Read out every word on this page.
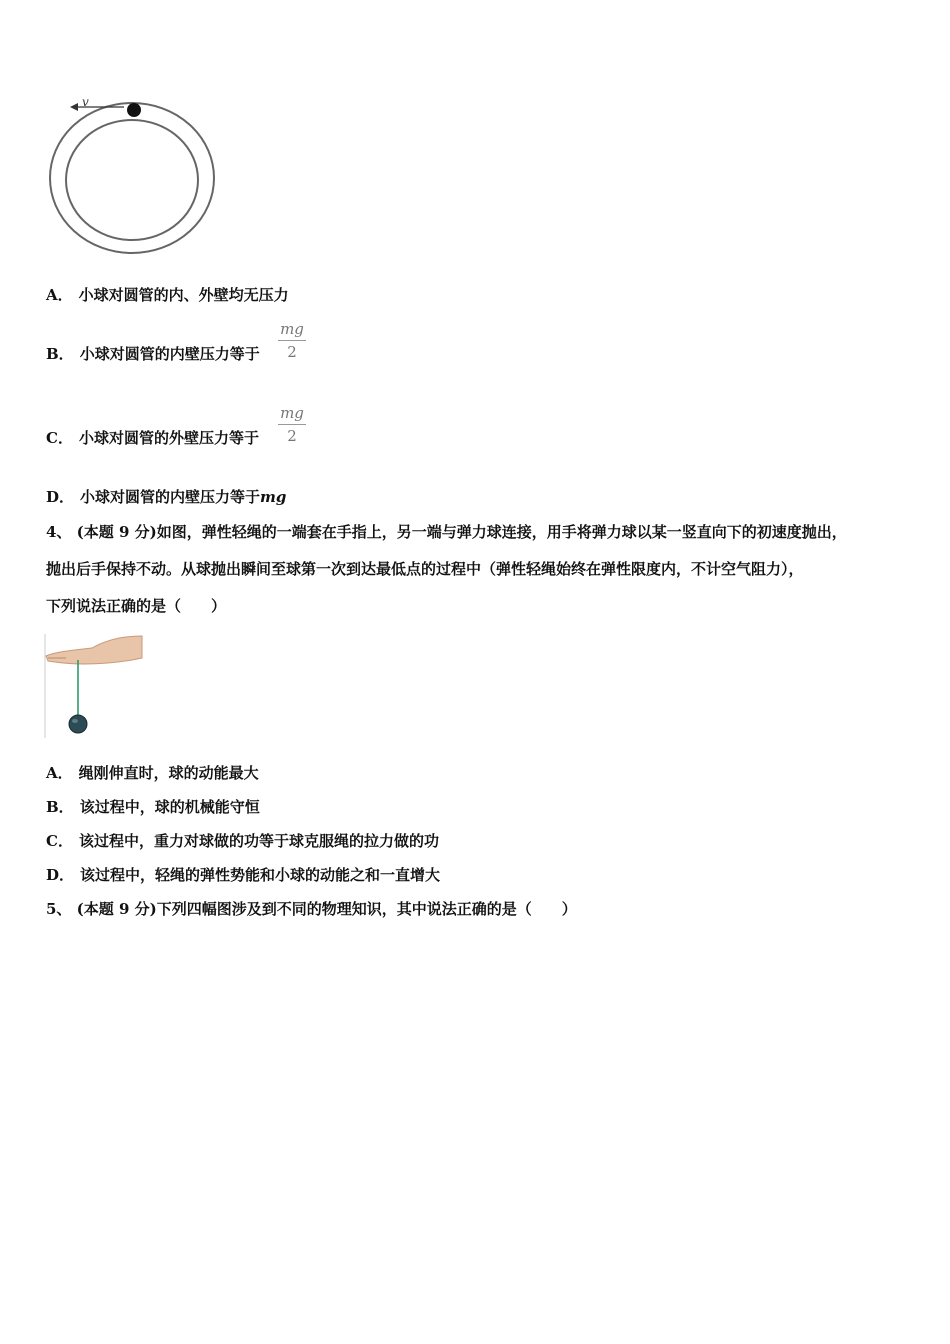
v
A． 小球对圆管的内、外壁均无压力
B． 小球对圆管的内壁压力等于
mg
2
C． 小球对圆管的外壁压力等于
mg
2
D． 小球对圆管的内壁压力等于mg
4、 (本题 9 分)如图，弹性轻绳的一端套在手指上，另一端与弹力球连接，用手将弹力球以某一竖直向下的初速度抛出，
抛出后手保持不动。从球抛出瞬间至球第一次到达最低点的过程中（弹性轻绳始终在弹性限度内，不计空气阻力），
下列说法正确的是（　　）
A． 绳刚伸直时，球的动能最大
B． 该过程中，球的机械能守恒
C． 该过程中，重力对球做的功等于球克服绳的拉力做的功
D． 该过程中，轻绳的弹性势能和小球的动能之和一直增大
5、 (本题 9 分)下列四幅图涉及到不同的物理知识，其中说法正确的是（　　）
